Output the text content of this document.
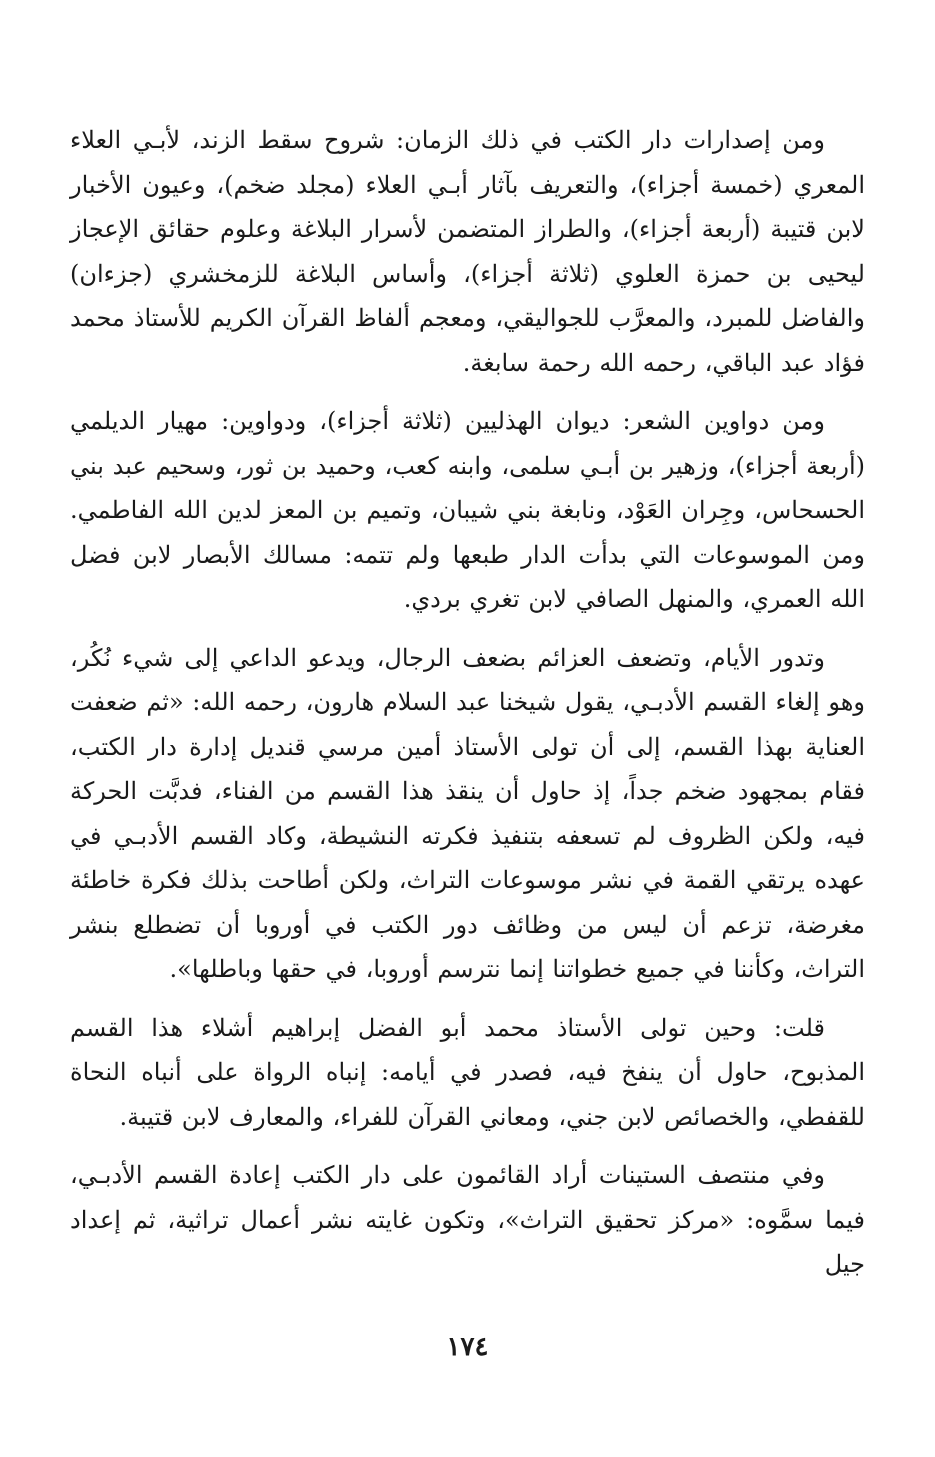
ومن إصدارات دار الكتب في ذلك الزمان: شروح سقط الزند، لأبـي العلاء المعري (خمسة أجزاء)، والتعريف بآثار أبـي العلاء (مجلد ضخم)، وعيون الأخبار لابن قتيبة (أربعة أجزاء)، والطراز المتضمن لأسرار البلاغة وعلوم حقائق الإعجاز ليحيى بن حمزة العلوي (ثلاثة أجزاء)، وأساس البلاغة للزمخشري (جزءان) والفاضل للمبرد، والمعرَّب للجواليقي، ومعجم ألفاظ القرآن الكريم للأستاذ محمد فؤاد عبد الباقي، رحمه الله رحمة سابغة.

ومن دواوين الشعر: ديوان الهذليين (ثلاثة أجزاء)، ودواوين: مهيار الديلمي (أربعة أجزاء)، وزهير بن أبـي سلمى، وابنه كعب، وحميد بن ثور، وسحيم عبد بني الحسحاس، وجِران العَوْد، ونابغة بني شيبان، وتميم بن المعز لدين الله الفاطمي. ومن الموسوعات التي بدأت الدار طبعها ولم تتمه: مسالك الأبصار لابن فضل الله العمري، والمنهل الصافي لابن تغري بردي.

وتدور الأيام، وتضعف العزائم بضعف الرجال، ويدعو الداعي إلى شيء نُكُر، وهو إلغاء القسم الأدبـي، يقول شيخنا عبد السلام هارون، رحمه الله: «ثم ضعفت العناية بهذا القسم، إلى أن تولى الأستاذ أمين مرسي قنديل إدارة دار الكتب، فقام بمجهود ضخم جداً، إذ حاول أن ينقذ هذا القسم من الفناء، فدبَّت الحركة فيه، ولكن الظروف لم تسعفه بتنفيذ فكرته النشيطة، وكاد القسم الأدبـي في عهده يرتقي القمة في نشر موسوعات التراث، ولكن أطاحت بذلك فكرة خاطئة مغرضة، تزعم أن ليس من وظائف دور الكتب في أوروبا أن تضطلع بنشر التراث، وكأننا في جميع خطواتنا إنما نترسم أوروبا، في حقها وباطلها».

قلت: وحين تولى الأستاذ محمد أبو الفضل إبراهيم أشلاء هذا القسم المذبوح، حاول أن ينفخ فيه، فصدر في أيامه: إنباه الرواة على أنباه النحاة للقفطي، والخصائص لابن جني، ومعاني القرآن للفراء، والمعارف لابن قتيبة.

وفي منتصف الستينات أراد القائمون على دار الكتب إعادة القسم الأدبـي، فيما سمَّوه: «مركز تحقيق التراث»، وتكون غايته نشر أعمال تراثية، ثم إعداد جيل

١٧٤
